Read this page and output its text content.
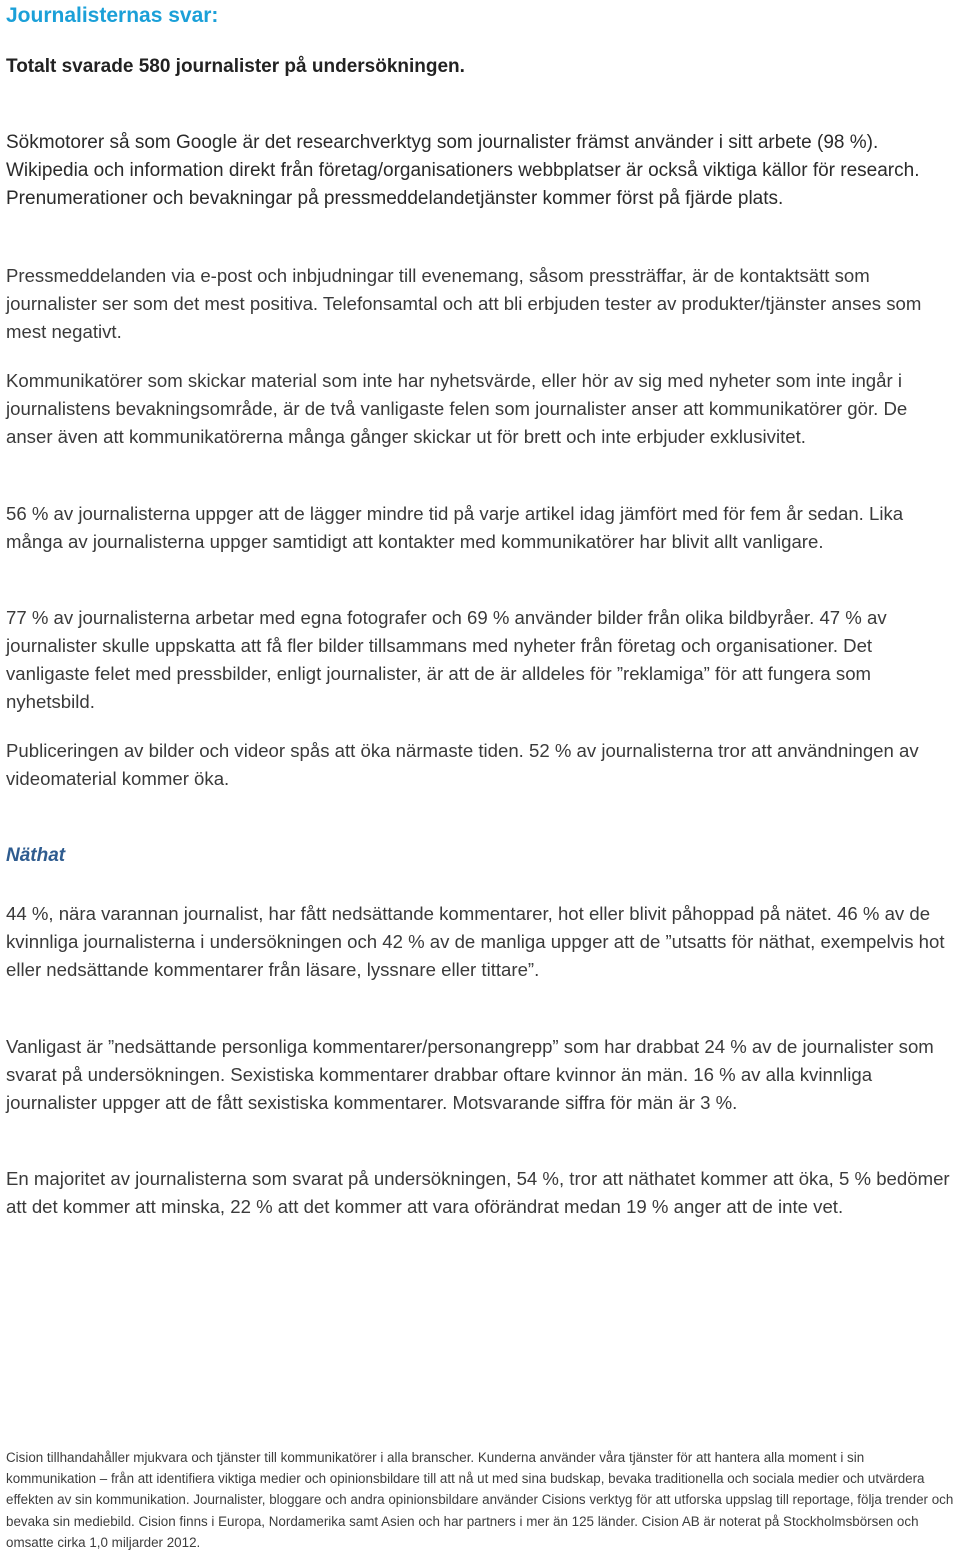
Journalisternas svar:
Totalt svarade 580 journalister på undersökningen.

Sökmotorer så som Google är det researchverktyg som journalister främst använder i sitt arbete (98 %). Wikipedia och information direkt från företag/organisationers webbplatser är också viktiga källor för research. Prenumerationer och bevakningar på pressmeddelandetjänster kommer först på fjärde plats.

Pressmeddelanden via e-post och inbjudningar till evenemang, såsom pressträffar, är de kontaktsätt som journalister ser som det mest positiva. Telefonsamtal och att bli erbjuden tester av produkter/tjänster anses som mest negativt.

Kommunikatörer som skickar material som inte har nyhetsvärde, eller hör av sig med nyheter som inte ingår i journalistens bevakningsområde, är de två vanligaste felen som journalister anser att kommunikatörer gör. De anser även att kommunikatörerna många gånger skickar ut för brett och inte erbjuder exklusivitet.

56 % av journalisterna uppger att de lägger mindre tid på varje artikel idag jämfört med för fem år sedan. Lika många av journalisterna uppger samtidigt att kontakter med kommunikatörer har blivit allt vanligare.

77 % av journalisterna arbetar med egna fotografer och 69 % använder bilder från olika bildbyråer. 47 % av journalister skulle uppskatta att få fler bilder tillsammans med nyheter från företag och organisationer. Det vanligaste felet med pressbilder, enligt journalister, är att de är alldeles för ”reklamiga” för att fungera som nyhetsbild.

Publiceringen av bilder och videor spås att öka närmaste tiden. 52 % av journalisterna tror att användningen av videomaterial kommer öka.

Näthat

44 %, nära varannan journalist, har fått nedsättande kommentarer, hot eller blivit påhoppad på nätet. 46 % av de kvinnliga journalisterna i undersökningen och 42 % av de manliga uppger att de ”utsatts för näthat, exempelvis hot eller nedsättande kommentarer från läsare, lyssnare eller tittare”.

Vanligast är ”nedsättande personliga kommentarer/personangrepp” som har drabbat 24 % av de journalister som svarat på undersökningen. Sexistiska kommentarer drabbar oftare kvinnor än män. 16 % av alla kvinnliga journalister uppger att de fått sexistiska kommentarer. Motsvarande siffra för män är 3 %.

En majoritet av journalisterna som svarat på undersökningen, 54 %, tror att näthatet kommer att öka, 5 % bedömer att det kommer att minska, 22 % att det kommer att vara oförändrat medan 19 % anger att de inte vet.

Cision tillhandahåller mjukvara och tjänster till kommunikatörer i alla branscher. Kunderna använder våra tjänster för att hantera alla moment i sin kommunikation – från att identifiera viktiga medier och opinionsbildare till att nå ut med sina budskap, bevaka traditionella och sociala medier och utvärdera effekten av sin kommunikation. Journalister, bloggare och andra opinionsbildare använder Cisions verktyg för att utforska uppslag till reportage, följa trender och bevaka sin mediebild. Cision finns i Europa, Nordamerika samt Asien och har partners i mer än 125 länder. Cision AB är noterat på Stockholmsbörsen och omsatte cirka 1,0 miljarder 2012.
